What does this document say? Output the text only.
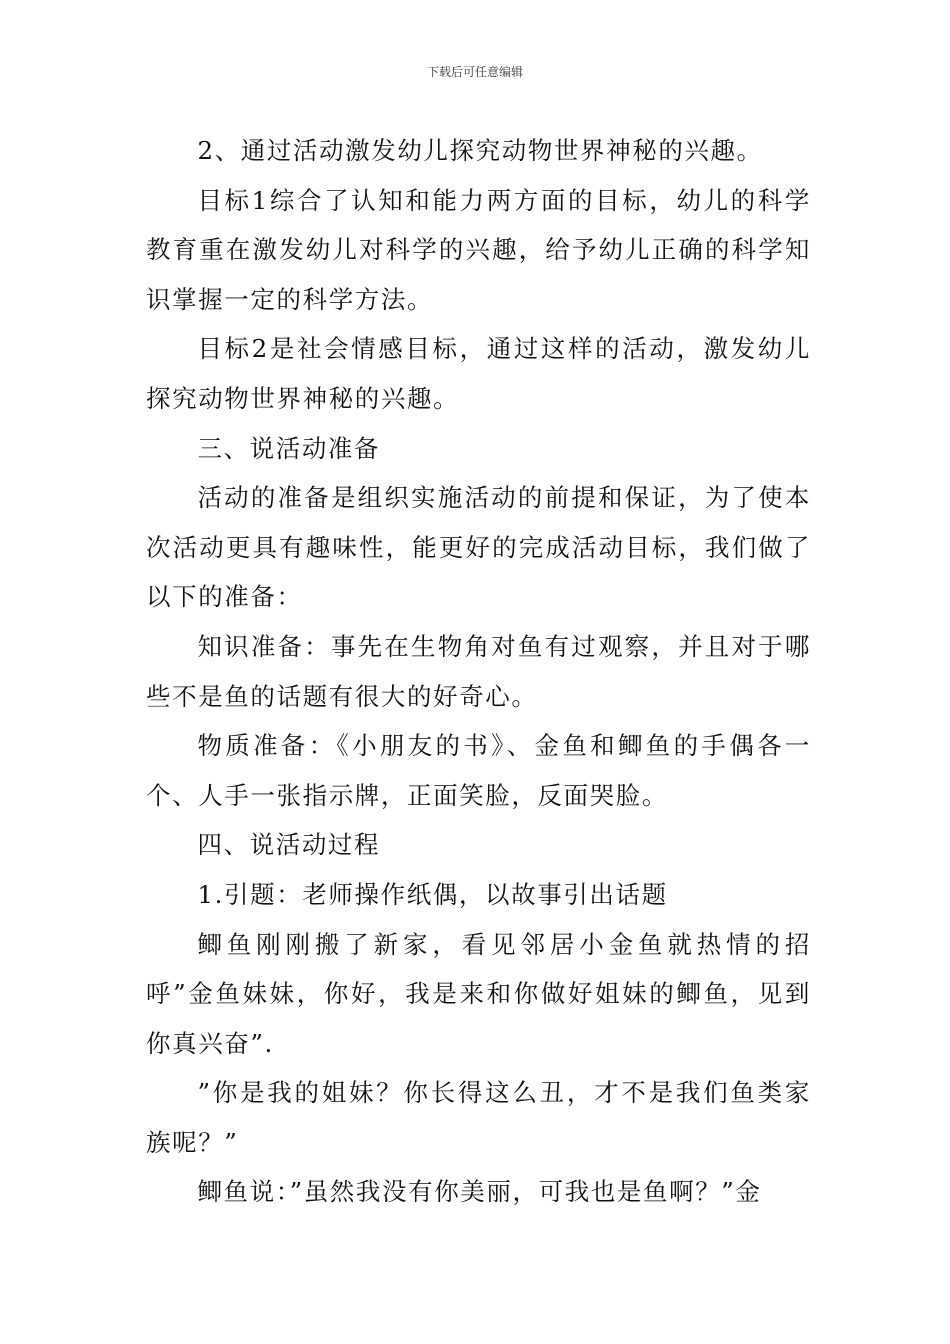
下载后可任意编辑

2、通过活动激发幼儿探究动物世界神秘的兴趣。

目标1综合了认知和能力两方面的目标，幼儿的科学教育重在激发幼儿对科学的兴趣，给予幼儿正确的科学知识掌握一定的科学方法。

目标2是社会情感目标，通过这样的活动，激发幼儿探究动物世界神秘的兴趣。

三、说活动准备

活动的准备是组织实施活动的前提和保证，为了使本次活动更具有趣味性，能更好的完成活动目标，我们做了以下的准备：

知识准备：事先在生物角对鱼有过观察，并且对于哪些不是鱼的话题有很大的好奇心。

物质准备：《小朋友的书》、金鱼和鲫鱼的手偶各一个、人手一张指示牌，正面笑脸，反面哭脸。

四、说活动过程

1.引题：老师操作纸偶，以故事引出话题

鲫鱼刚刚搬了新家，看见邻居小金鱼就热情的招呼”金鱼妹妹，你好，我是来和你做好姐妹的鲫鱼，见到你真兴奋”.

”你是我的姐妹？你长得这么丑，才不是我们鱼类家族呢？”

鲫鱼说：”虽然我没有你美丽，可我也是鱼啊？”金
